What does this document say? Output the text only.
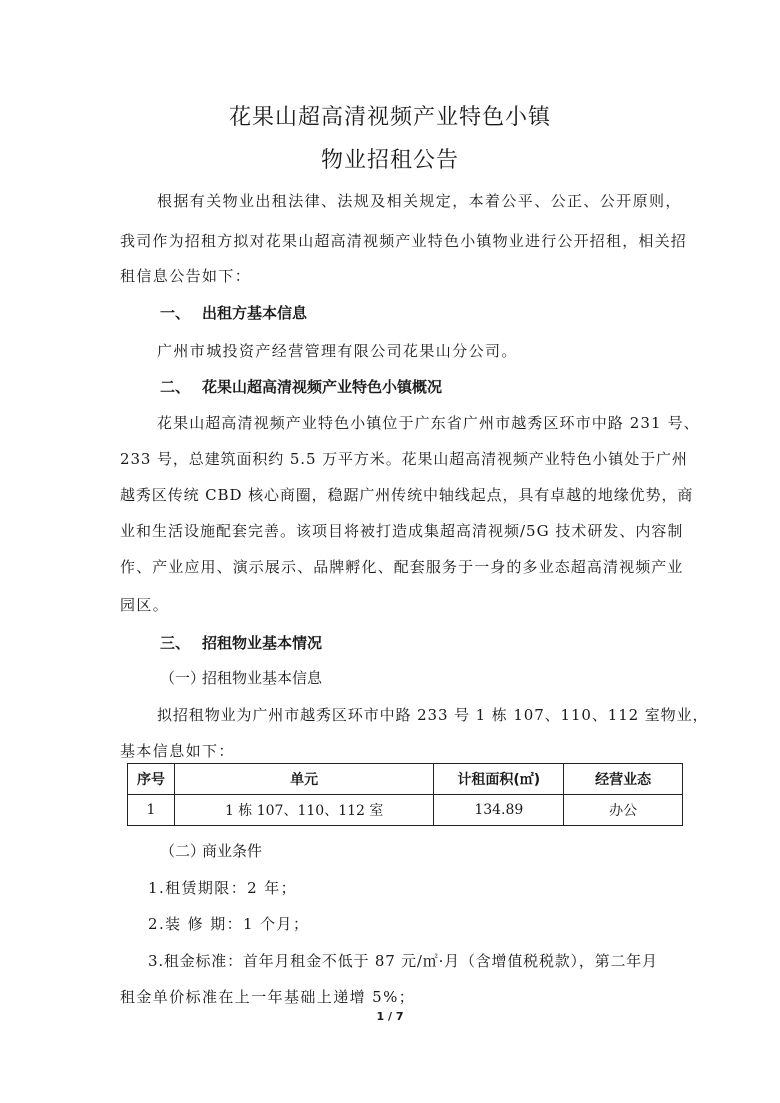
花果山超高清视频产业特色小镇
物业招租公告
根据有关物业出租法律、法规及相关规定，本着公平、公正、公开原则，
我司作为招租方拟对花果山超高清视频产业特色小镇物业进行公开招租，相关招
租信息公告如下：
一、 出租方基本信息
广州市城投资产经营管理有限公司花果山分公司。
二、 花果山超高清视频产业特色小镇概况
花果山超高清视频产业特色小镇位于广东省广州市越秀区环市中路 231 号、
233 号，总建筑面积约 5.5 万平方米。花果山超高清视频产业特色小镇处于广州
越秀区传统 CBD 核心商圈，稳踞广州传统中轴线起点，具有卓越的地缘优势，商
业和生活设施配套完善。该项目将被打造成集超高清视频/5G 技术研发、内容制
作、产业应用、演示展示、品牌孵化、配套服务于一身的多业态超高清视频产业
园区。
三、 招租物业基本情况
（一）招租物业基本信息
拟招租物业为广州市越秀区环市中路 233 号 1 栋 107、110、112 室物业，
基本信息如下：
序号	单元	计租面积(㎡)	经营业态
1	1 栋 107、110、112 室	134.89	办公
（二）商业条件
1.租赁期限：2 年；
2.装 修 期：1 个月；
3.租金标准：首年月租金不低于 87 元/㎡·月（含增值税税款），第二年月
租金单价标准在上一年基础上递增 5%；
1 / 7
